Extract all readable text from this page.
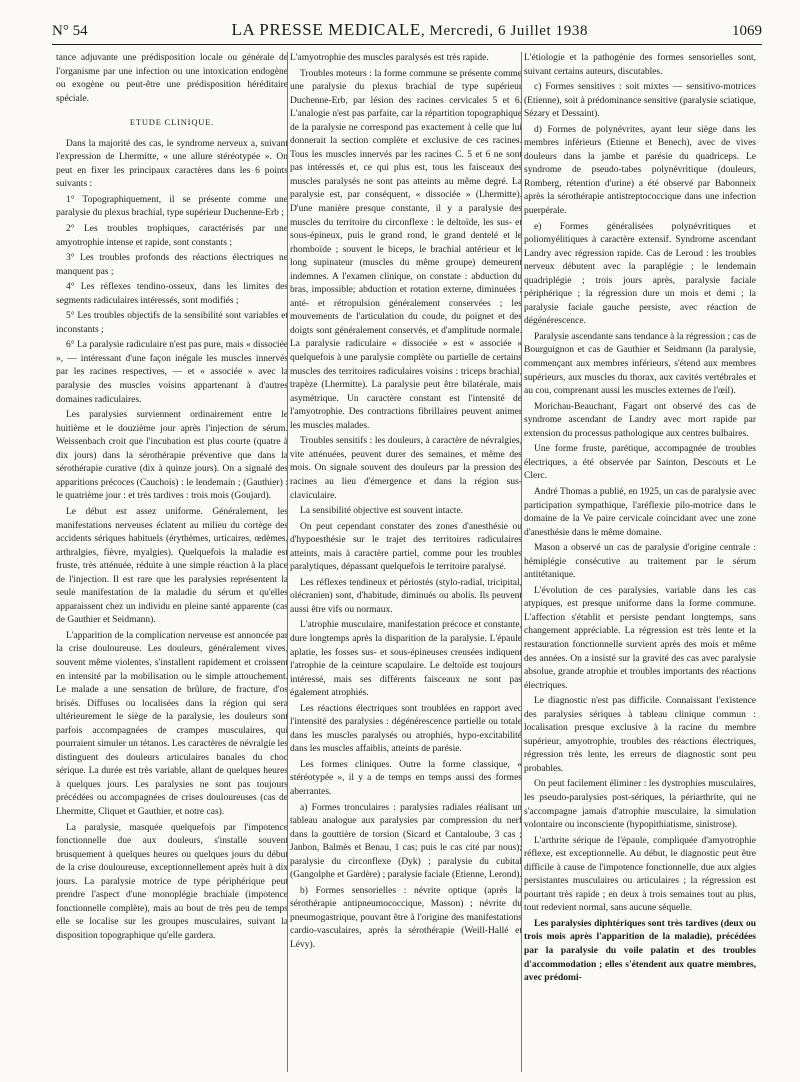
N° 54	LA PRESSE MEDICALE, Mercredi, 6 Juillet 1938	1069

tance adjuvante une prédisposition locale ou générale de l'organisme par une infection ou une intoxication endogène ou exogène ou peut-être une prédisposition héréditaire spéciale.

ETUDE CLINIQUE.

Dans la majorité des cas, le syndrome nerveux a, suivant l'expression de Lhermitte, « une allure stéréotypée ». On peut en fixer les principaux caractères dans les 6 points suivants :

1° Topographiquement, il se présente comme une paralysie du plexus brachial, type supérieur Duchenne-Erb ;

2° Les troubles trophiques, caractérisés par une amyotrophie intense et rapide, sont constants ;

3° Les troubles profonds des réactions électriques ne manquent pas ;

4° Les réflexes tendino-osseux, dans les limites des segments radiculaires intéressés, sont modifiés ;

5° Les troubles objectifs de la sensibilité sont variables et inconstants ;

6° La paralysie radiculaire n'est pas pure, mais « dissociée », — intéressant d'une façon inégale les muscles innervés par les racines respectives, — et « associée » avec la paralysie des muscles voisins appartenant à d'autres domaines radiculaires.

Les paralysies surviennent ordinairement entre le huitième et le douzième jour après l'injection de sérum. Weissenbach croit que l'incubation est plus courte (quatre à dix jours) dans la sérothérapie préventive que dans la sérothérapie curative (dix à quinze jours). On a signalé des apparitions précoces (Cauchois) : le lendemain ; (Gauthier) : le quatrième jour : et très tardives : trois mois (Goujard).

Le début est assez uniforme. Généralement, les manifestations nerveuses éclatent au milieu du cortège des accidents sériques habituels (érythèmes, urticaires, œdèmes, arthralgies, fièvre, myalgies). Quelquefois la maladie est fruste, très atténuée, réduite à une simple réaction à la place de l'injection. Il est rare que les paralysies représentent la seule manifestation de la maladie du sérum et qu'elles apparaissent chez un individu en pleine santé apparente (cas de Gauthier et Seidmann).

L'apparition de la complication nerveuse est annoncée par la crise douloureuse. Les douleurs, généralement vives, souvent même violentes, s'installent rapidement et croissent en intensité par la mobilisation ou le simple attouchement. Le malade a une sensation de brûlure, de fracture, d'os brisés. Diffuses ou localisées dans la région qui sera ultérieurement le siège de la paralysie, les douleurs sont parfois accompagnées de crampes musculaires, qui pourraient simuler un tétanos. Les caractères de névralgie les distinguent des douleurs articulaires banales du choc sérique. La durée est très variable, allant de quelques heures à quelques jours. Les paralysies ne sont pas toujours précédées ou accompagnées de crises douloureuses (cas de Lhermitte, Cliquet et Gauthier, et notre cas).

La paralysie, masquée quelquefois par l'impotence fonctionnelle due aux douleurs, s'installe souvent brusquement à quelques heures ou quelques jours du début de la crise douloureuse, exceptionnellement après huit à dix jours. La paralysie motrice de type périphérique peut prendre l'aspect d'une monoplégie brachiale (impotence fonctionnelle complète), mais au bout de très peu de temps elle se localise sur les groupes musculaires, suivant la disposition topographique qu'elle gardera.

L'amyotrophie des muscles paralysés est très rapide.

Troubles moteurs : la forme commune se présente comme une paralysie du plexus brachial de type supérieur Duchenne-Erb, par lésion des racines cervicales 5 et 6. L'analogie n'est pas parfaite, car la répartition topographique de la paralysie ne correspond pas exactement à celle que lui donnerait la section complète et exclusive de ces racines. Tous les muscles innervés par les racines C. 5 et 6 ne sont pas intéressés et, ce qui plus est, tous les faisceaux des muscles paralysés ne sont pas atteints au même degré. La paralysie est, par conséquent, « dissociée » (Lhermitte). D'une manière presque constante, il y a paralysie des muscles du territoire du circonflexe : le deltoïde, les sus- et sous-épineux, puis le grand rond, le grand dentelé et le rhomboïde ; souvent le biceps, le brachial antérieur et le long supinateur (muscles du même groupe) demeurent indemnes. A l'examen clinique, on constate : abduction du bras, impossible; abduction et rotation externe, diminuées ; anté- et rétropulsion généralement conservées ; les mouvements de l'articulation du coude, du poignet et des doigts sont généralement conservés, et d'amplitude normale. La paralysie radiculaire « dissociée » est « associée » quelquefois à une paralysie complète ou partielle de certains muscles des territoires radiculaires voisins : triceps brachial, trapèze (Lhermitte). La paralysie peut être bilatérale, mais asymétrique. Un caractère constant est l'intensité de l'amyotrophie. Des contractions fibrillaires peuvent animer les muscles malades.

Troubles sensitifs : les douleurs, à caractère de névralgies, vite atténuées, peuvent durer des semaines, et même des mois. On signale souvent des douleurs par la pression des racines au lieu d'émergence et dans la région sus-claviculaire.

La sensibilité objective est souvent intacte.

On peut cependant constater des zones d'anesthésie ou d'hypoesthésie sur le trajet des territoires radiculaires atteints, mais à caractère partiel, comme pour les troubles paralytiques, dépassant quelquefois le territoire paralysé.

Les réflexes tendineux et périostés (stylo-radial, tricipital, olécranien) sont, d'habitude, diminués ou abolis. Ils peuvent aussi être vifs ou normaux.

L'atrophie musculaire, manifestation précoce et constante, dure longtemps après la disparition de la paralysie. L'épaule aplatie, les fosses sus- et sous-épineuses creusées indiquent l'atrophie de la ceinture scapulaire. Le deltoïde est toujours intéressé, mais ses différents faisceaux ne sont pas également atrophiés.

Les réactions électriques sont troublées en rapport avec l'intensité des paralysies : dégénérescence partielle ou totale dans les muscles paralysés ou atrophiés, hypo-excitabilité dans les muscles affaiblis, atteints de parésie.

Les formes cliniques. Outre la forme classique, « stéréotypée », il y a de temps en temps aussi des formes aberrantes.

a) Formes tronculaires : paralysies radiales réalisant un tableau analogue aux paralysies par compression du nerf dans la gouttière de torsion (Sicard et Cantaloube, 3 cas ; Janbon, Balmès et Benau, 1 cas; puis le cas cité par nous); paralysie du circonflexe (Dyk) ; paralysie du cubital (Gangolphe et Gardère) ; paralysie faciale (Etienne, Lerond).

b) Formes sensorielles : névrite optique (après la sérothérapie antipneumococcique, Masson) ; névrite du pneumogastrique, pouvant être à l'origine des manifestations cardio-vasculaires, après la sérothérapie (Weill-Hallé et Lévy).

L'étiologie et la pathogénie des formes sensorielles sont, suivant certains auteurs, discutables.

c) Formes sensitives : soit mixtes — sensitivo-motrices (Etienne), soit à prédominance sensitive (paralysie sciatique, Sézary et Dessaint).

d) Formes de polynévrites, ayant leur siège dans les membres inférieurs (Etienne et Benech), avec de vives douleurs dans la jambe et parésie du quadriceps. Le syndrome de pseudo-tabes polynévritique (douleurs, Romberg, rétention d'urine) a été observé par Babonneix après la sérothérapie antistreptococcique dans une infection puerpérale.

e) Formes généralisées polynévritiques et poliomyélitiques à caractère extensif. Syndrome ascendant Landry avec régression rapide. Cas de Leroud : les troubles nerveux débutent avec la paraplégie ; le lendemain quadriplégie ; trois jours après, paralysie faciale périphérique ; la régression dure un mois et demi ; la paralysie faciale gauche persiste, avec réaction de dégénérescence.

Paralysie ascendante sans tendance à la régression ; cas de Bourguignon et cas de Gauthier et Seidmann (la paralysie, commençant aux membres inférieurs, s'étend aux membres supérieurs, aux muscles du thorax, aux cavités vertébrales et au cou, comprenant aussi les muscles externes de l'œil).

Morichau-Beauchant, Fagart ont observé des cas de syndrome ascendant de Landry avec mort rapide par extension du processus pathologique aux centres bulbaires.

Une forme fruste, parétique, accompagnée de troubles électriques, a été observée par Sainton, Descouts et Le Clerc.

André Thomas a publié, en 1925, un cas de paralysie avec participation sympathique, l'aréflexie pilo-motrice dans le domaine de la Ve paire cervicale coïncidant avec une zone d'anesthésie dans le même domaine.

Mason a observé un cas de paralysie d'origine centrale : hémiplégie consécutive au traitement par le sérum antitétanique.

L'évolution de ces paralysies, variable dans les cas atypiques, est presque uniforme dans la forme commune. L'affection s'établit et persiste pendant longtemps, sans changement appréciable. La régression est très lente et la restauration fonctionnelle survient après des mois et même des années. On a insisté sur la gravité des cas avec paralysie absolue, grande atrophie et troubles importants des réactions électriques.

Le diagnostic n'est pas difficile. Connaissant l'existence des paralysies sériques à tableau clinique commun : localisation presque exclusive à la racine du membre supérieur, amyotrophie, troubles des réactions électriques, régression très lente, les erreurs de diagnostic sont peu probables.

On peut facilement éliminer : les dystrophies musculaires, les pseudo-paralysies post-sériques, la périarthrite, qui ne s'accompagne jamais d'atrophie musculaire, la simulation volontaire ou inconsciente (hypopithiatisme, sinistrose).

L'arthrite sérique de l'épaule, compliquée d'amyotrophie réflexe, est exceptionnelle. Au début, le diagnostic peut être difficile à cause de l'impotence fonctionnelle, due aux algies persistantes musculaires ou articulaires ; la régression est pourtant très rapide ; en deux à trois semaines tout au plus, tout redevient normal, sans aucune séquelle.

Les paralysies diphtériques sont très tardives (deux ou trois mois après l'apparition de la maladie), précédées par la paralysie du voile palatin et des troubles d'accommodation ; elles s'étendent aux quatre membres, avec prédomi-
